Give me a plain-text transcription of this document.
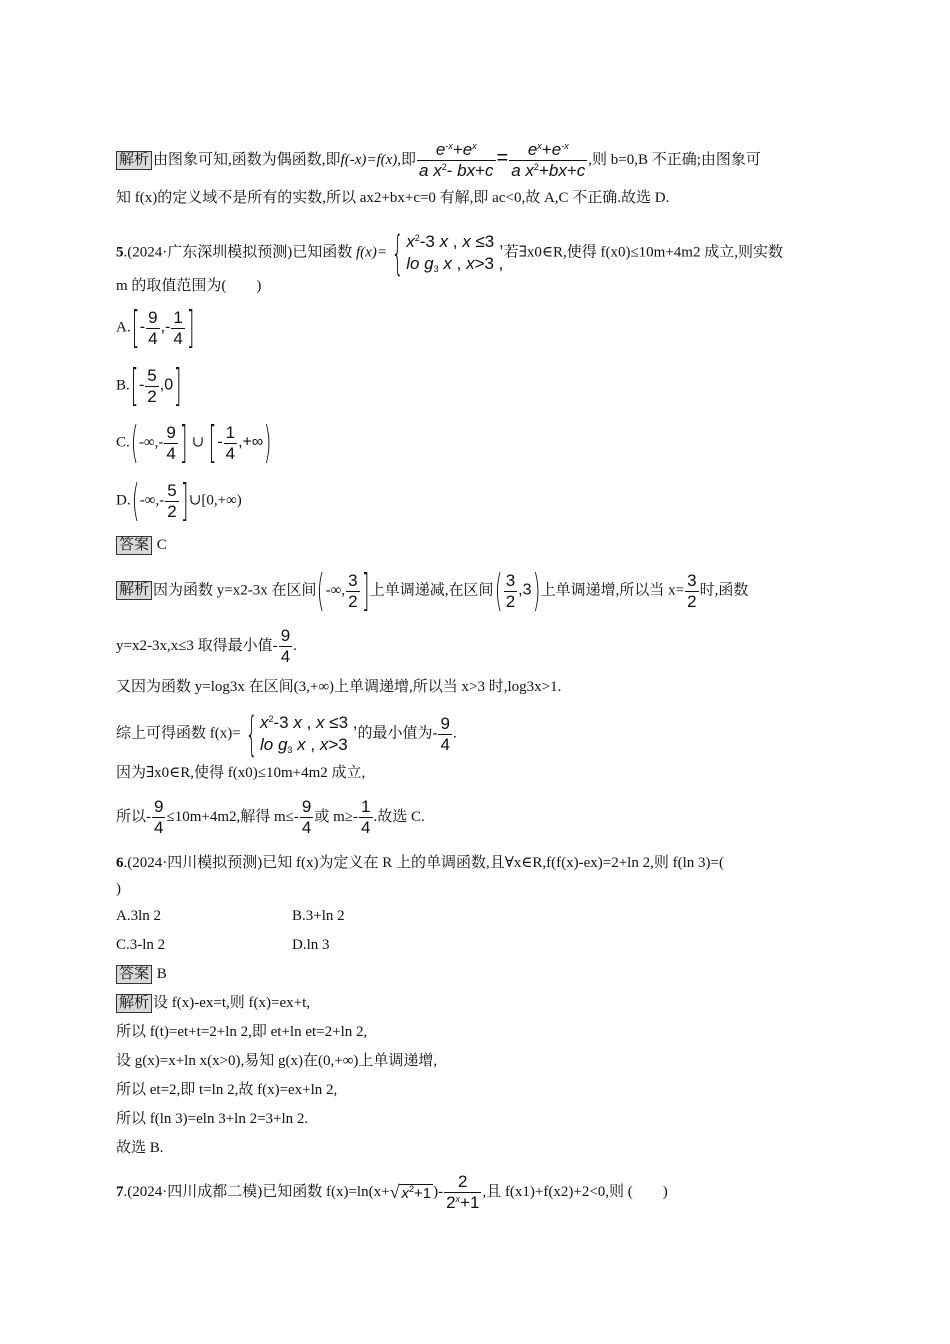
解析 由图象可知,函数为偶函数,即f(-x)=f(x),即 $\frac{e^{-x}+e^x}{a x^2- bx+c} = \frac{e^x+e^{-x}}{a x^2+bx+c}$ ,则 b=0,B 不正确;由图象可
知 f(x)的定义域不是所有的实数,所以 ax2+bx+c=0 有解,即 ac<0,故 A,C 不正确.故选 D.
5.(2024·广东深圳模拟预测)已知函数 f(x)= { $x^2-3$ x , x ≤3 ,
lo $g_3$ x , x>3 ,
若∃x0∈R,使得 f(x0)≤10m+4m2 成立,则实数
m 的取值范围为(　　)
$A.[- \frac{9}{4}$ ,- $\frac{1}{4}$ ]
$B.[- \frac{5}{2} ,0]$
$C.(-\infty,- \frac{9}{4}$ ] ∪ [- $\frac{1}{4}$ ,+∞)
$D.(-\infty,- \frac{5}{2}$ ]∪[0,+∞)
答案 C
解析 因为函数 y=x2-3x 在区间(-∞, $\frac{3}{2}$ ]上单调递减,在区间( $\frac{3}{2} ,3$)上单调递增,所以当 $x= \frac{3}{2}$ 时,函数
y=x2-3x,x≤3 取得最小值- $\frac{9}{4}$ .
又因为函数 y=log3x 在区间(3,+∞)上单调递增,所以当 x>3 时,log3x>1.
综上可得函数 f(x)= { $x^2-3$ x , x ≤3 ,
lo $g_3$ x , x>3
的最小值为- $\frac{9}{4}$ .
因为∃x0∈R,使得 f(x0)≤10m+4m2 成立,
所以- $\frac{9}{4} \le 10m+4m2$,解得 $m\le- \frac{9}{4}$ 或 $m\ge- \frac{1}{4}$ .故选 C.
6.(2024·四川模拟预测)已知 f(x)为定义在 R 上的单调函数,且∀x∈R,f(f(x)-ex)=2+ln 2,则 f(ln 3)=(
)
A.3ln 2	B.3+ln 2
C.3-ln 2	D.ln 3
答案 B
解析 设 f(x)-ex=t,则 f(x)=ex+t,
所以 f(t)=et+t=2+ln 2,即 et+ln et=2+ln 2,
设 g(x)=x+ln x(x>0),易知 g(x)在(0,+∞)上单调递增,
所以 et=2,即 t=ln 2,故 f(x)=ex+ln 2,
所以 f(ln 3)=eln 3+ln 2=3+ln 2.
故选 B.
7.(2024·四川成都二模)已知函数 f(x)=ln(x+√ $x^2+1$ )- $\frac{2}{2^x+1}$ ,且 f(x1)+f(x2)+2<0,则 (　　)
